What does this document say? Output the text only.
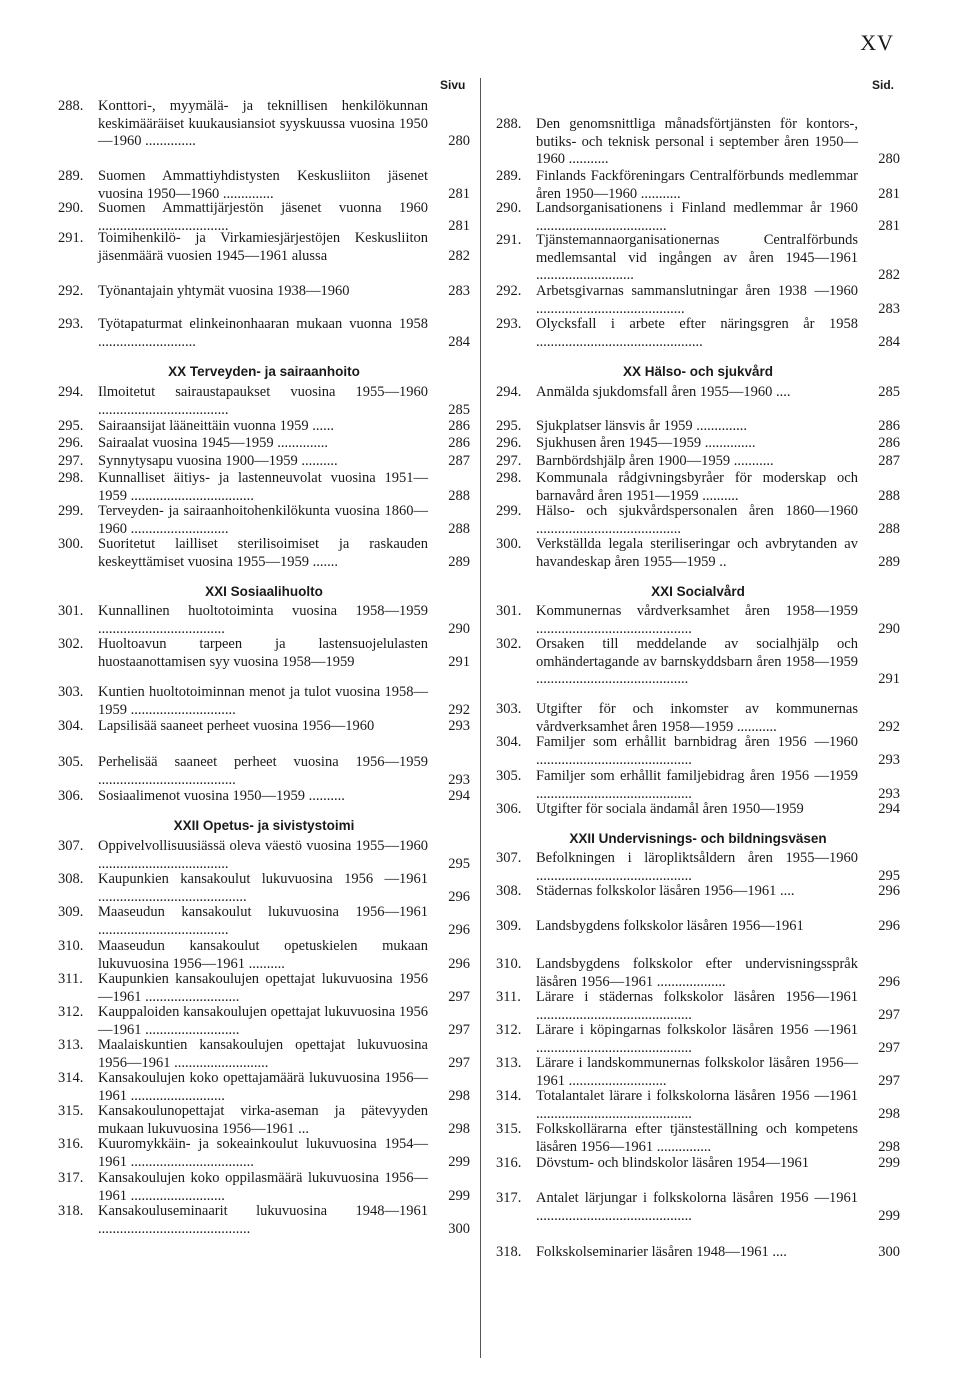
XV
Sivu	Sid.
288. Konttori-, myymälä- ja teknillisen henkilökunnan keskimääräiset kuukausiansiot syyskuussa vuosina 1950—1960 ..............	280
289. Suomen Ammattiyhdistysten Keskusliiton jäsenet vuosina 1950—1960 ..............	281
290. Suomen Ammattijärjestön jäsenet vuonna 1960 ....................................	281
291. Toimihenkilö- ja Virkamiesjärjestöjen Keskusliiton jäsenmäärä vuosien 1945—1961 alussa	282
292. Työnantajain yhtymät vuosina 1938—1960	283
293. Työtapaturmat elinkeinonhaaran mukaan vuonna 1958 ...........................	284
XX Terveyden- ja sairaanhoito
294. Ilmoitetut sairaustapaukset vuosina 1955—1960 ....................................	285
295. Sairaansijat lääneittäin vuonna 1959 ......	286
296. Sairaalat vuosina 1945—1959 ..............	286
297. Synnytysapu vuosina 1900—1959 ..........	287
298. Kunnalliset äitiys- ja lastenneuvolat vuosina 1951—1959 ..................................	288
299. Terveyden- ja sairaanhoitohenkilökunta vuosina 1860—1960 ...........................	288
300. Suoritetut lailliset sterilisoimiset ja raskauden keskeyttämiset vuosina 1955—1959 .......	289
XXI Sosiaalihuolto
301. Kunnallinen huoltotoiminta vuosina 1958—1959 ...................................	290
302. Huoltoavun tarpeen ja lastensuojelulasten huostaanottamisen syy vuosina 1958—1959	291
303. Kuntien huoltotoiminnan menot ja tulot vuosina 1958—1959 .............................	292
304. Lapsilisää saaneet perheet vuosina 1956—1960	293
305. Perhelisää saaneet perheet vuosina 1956—1959 ......................................	293
306. Sosiaalimenot vuosina 1950—1959 ..........	294
XXII Opetus- ja sivistystoimi
307. Oppivelvollisuusiässä oleva väestö vuosina 1955—1960 ....................................	295
308. Kaupunkien kansakoulut lukuvuosina 1956 —1961 .........................................	296
309. Maaseudun kansakoulut lukuvuosina 1956—1961 ....................................	296
310. Maaseudun kansakoulut opetuskielen mukaan lukuvuosina 1956—1961 ..........	296
311. Kaupunkien kansakoulujen opettajat lukuvuosina 1956—1961 ..........................	297
312. Kauppaloiden kansakoulujen opettajat lukuvuosina 1956—1961 ..........................	297
313. Maalaiskuntien kansakoulujen opettajat lukuvuosina 1956—1961 ..........................	297
314. Kansakoulujen koko opettajamäärä lukuvuosina 1956—1961 ..........................	298
315. Kansakoulunopettajat virka-aseman ja pätevyyden mukaan lukuvuosina 1956—1961 ...	298
316. Kuuromykkäin- ja sokeainkoulut lukuvuosina 1954—1961 ..................................	299
317. Kansakoulujen koko oppilasmäärä lukuvuosina 1956—1961 ..........................	299
318. Kansakouluseminaarit lukuvuosina 1948—1961 ..........................................	300
288. Den genomsnittliga månadsförtjänsten för kontors-, butiks- och teknisk personal i september åren 1950—1960 ...........	280
289. Finlands Fackföreningars Centralförbunds medlemmar åren 1950—1960 ...........	281
290. Landsorganisationens i Finland medlemmar år 1960 ....................................	281
291. Tjänstemannaorganisationernas Centralförbunds medlemsantal vid ingången av åren 1945—1961 ...........................	282
292. Arbetsgivarnas sammanslutningar åren 1938 —1960 .........................................	283
293. Olycksfall i arbete efter näringsgren år 1958 ..............................................	284
XX Hälso- och sjukvård
294. Anmälda sjukdomsfall åren 1955—1960 ....	285
295. Sjukplatser länsvis år 1959 ..............	286
296. Sjukhusen åren 1945—1959 ..............	286
297. Barnbördshjälp åren 1900—1959 ...........	287
298. Kommunala rådgivningsbyråer för moderskap och barnavård åren 1951—1959 ..........	288
299. Hälso- och sjukvårdspersonalen åren 1860—1960 ........................................	288
300. Verkställda legala steriliseringar och avbrytanden av havandeskap åren 1955—1959 ..	289
XXI Socialvård
301. Kommunernas vårdverksamhet åren 1958—1959 ...........................................	290
302. Orsaken till meddelande av socialhjälp och omhändertagande av barnskyddsbarn åren 1958—1959 ..........................................	291
303. Utgifter för och inkomster av kommunernas vårdverksamhet åren 1958—1959 ...........	292
304. Familjer som erhållit barnbidrag åren 1956 —1960 ...........................................	293
305. Familjer som erhållit familjebidrag åren 1956 —1959 ...........................................	293
306. Utgifter för sociala ändamål åren 1950—1959	294
XXII Undervisnings- och bildningsväsen
307. Befolkningen i läropliktsåldern åren 1955—1960 ...........................................	295
308. Städernas folkskolor läsåren 1956—1961 ....	296
309. Landsbygdens folkskolor läsåren 1956—1961	296
310. Landsbygdens folkskolor efter undervisningsspråk läsåren 1956—1961 ...................	296
311. Lärare i städernas folkskolor läsåren 1956—1961 ...........................................	297
312. Lärare i köpingarnas folkskolor läsåren 1956 —1961 ...........................................	297
313. Lärare i landskommunernas folkskolor läsåren 1956—1961 ...........................	297
314. Totalantalet lärare i folkskolorna läsåren 1956 —1961 ...........................................	298
315. Folkskollärarna efter tjänsteställning och kompetens läsåren 1956—1961 ...............	298
316. Dövstum- och blindskolor läsåren 1954—1961	299
317. Antalet lärjungar i folkskolorna läsåren 1956 —1961 ...........................................	299
318. Folkskolseminarier läsåren 1948—1961 ....	300
